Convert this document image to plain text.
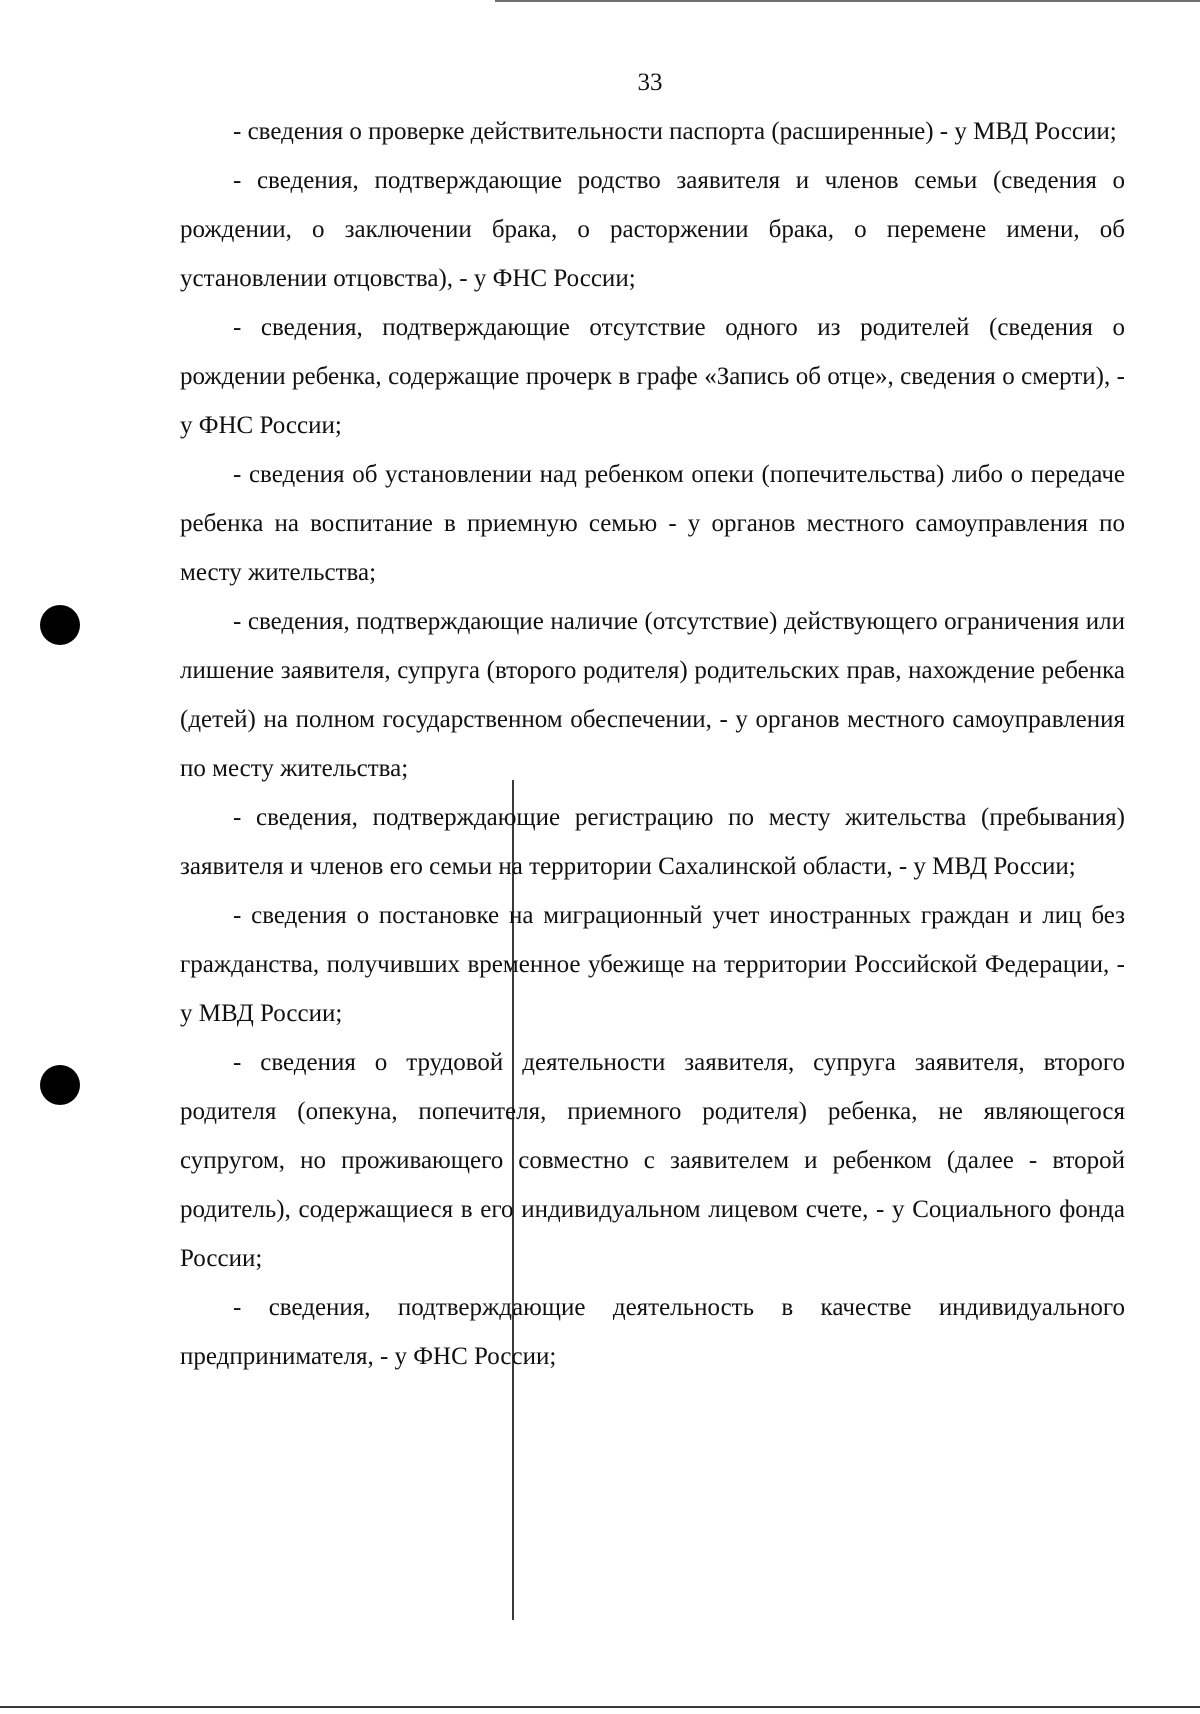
33

- сведения о проверке действительности паспорта (расширенные) - у МВД России;

- сведения, подтверждающие родство заявителя и членов семьи (сведения о рождении, о заключении брака, о расторжении брака, о перемене имени, об установлении отцовства), - у ФНС России;

- сведения, подтверждающие отсутствие одного из родителей (сведения о рождении ребенка, содержащие прочерк в графе «Запись об отце», сведения о смерти), - у ФНС России;

- сведения об установлении над ребенком опеки (попечительства) либо о передаче ребенка на воспитание в приемную семью - у органов местного самоуправления по месту жительства;

- сведения, подтверждающие наличие (отсутствие) действующего ограничения или лишение заявителя, супруга (второго родителя) родительских прав, нахождение ребенка (детей) на полном государственном обеспечении, - у органов местного самоуправления по месту жительства;

- сведения, подтверждающие регистрацию по месту жительства (пребывания) заявителя и членов его семьи на территории Сахалинской области, - у МВД России;

- сведения о постановке на миграционный учет иностранных граждан и лиц без гражданства, получивших временное убежище на территории Российской Федерации, - у МВД России;

- сведения о трудовой деятельности заявителя, супруга заявителя, второго родителя (опекуна, попечителя, приемного родителя) ребенка, не являющегося супругом, но проживающего совместно с заявителем и ребенком (далее - второй родитель), содержащиеся в его индивидуальном лицевом счете, - у Социального фонда России;

- сведения, подтверждающие деятельность в качестве индивидуального предпринимателя, - у ФНС России;
